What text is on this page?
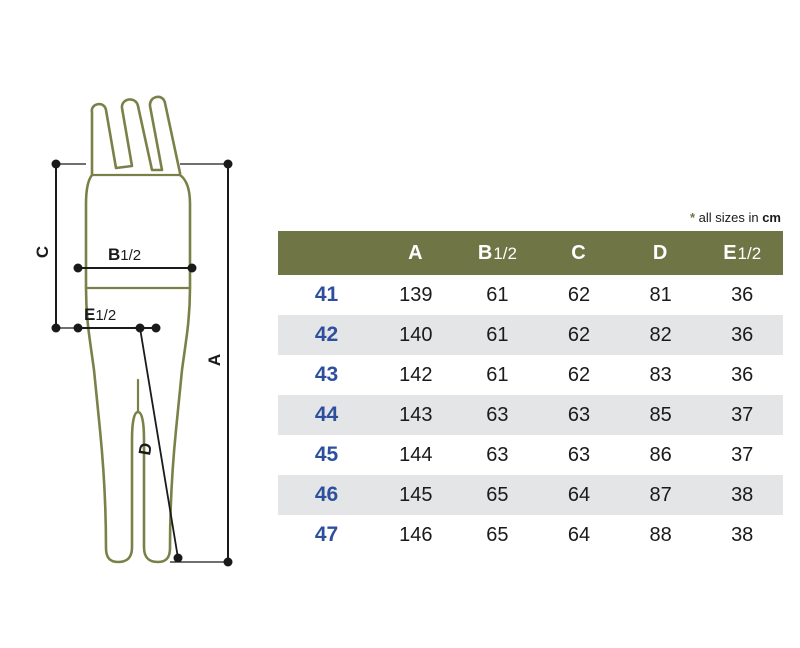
C	B1/2
E1/2
A
D
* all sizes in cm
	A	B1/2	C	D	E1/2
41	139	61	62	81	36
42	140	61	62	82	36
43	142	61	62	83	36
44	143	63	63	85	37
45	144	63	63	86	37
46	145	65	64	87	38
47	146	65	64	88	38
